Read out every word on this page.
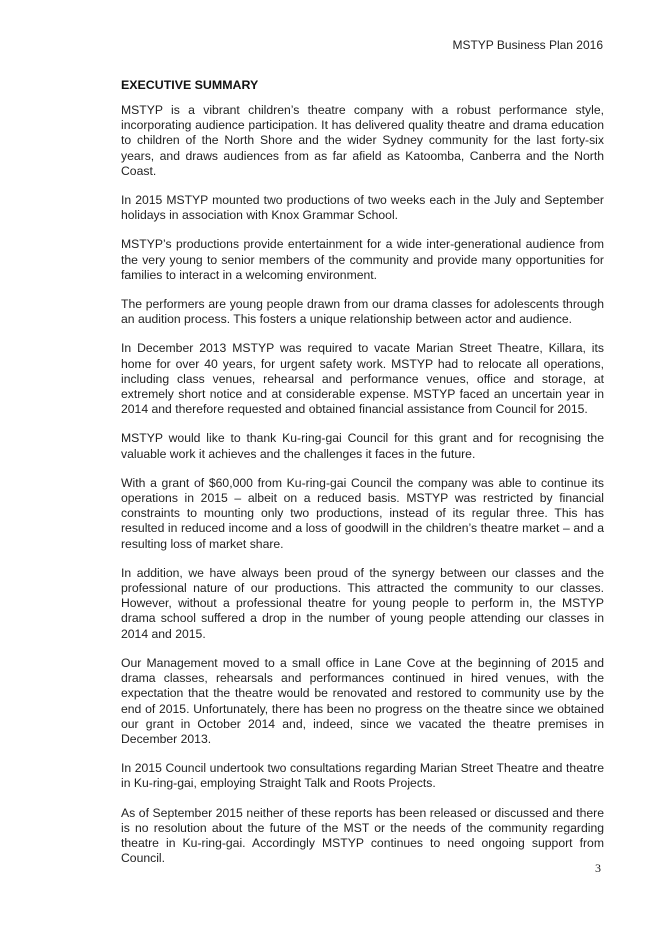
MSTYP Business Plan 2016
EXECUTIVE SUMMARY

MSTYP is a vibrant children’s theatre company with a robust performance style, incorporating audience participation. It has delivered quality theatre and drama education to children of the North Shore and the wider Sydney community for the last forty-six years, and draws audiences from as far afield as Katoomba, Canberra and the North Coast.

In 2015 MSTYP mounted two productions of two weeks each in the July and September holidays in association with Knox Grammar School.

MSTYP’s productions provide entertainment for a wide inter-generational audience from the very young to senior members of the community and provide many opportunities for families to interact in a welcoming environment.

The performers are young people drawn from our drama classes for adolescents through an audition process. This fosters a unique relationship between actor and audience.

In December 2013 MSTYP was required to vacate Marian Street Theatre, Killara, its home for over 40 years, for urgent safety work. MSTYP had to relocate all operations, including class venues, rehearsal and performance venues, office and storage, at extremely short notice and at considerable expense. MSTYP faced an uncertain year in 2014 and therefore requested and obtained financial assistance from Council for 2015.

MSTYP would like to thank Ku-ring-gai Council for this grant and for recognising the valuable work it achieves and the challenges it faces in the future.

With a grant of $60,000 from Ku-ring-gai Council the company was able to continue its operations in 2015 – albeit on a reduced basis. MSTYP was restricted by financial constraints to mounting only two productions, instead of its regular three. This has resulted in reduced income and a loss of goodwill in the children’s theatre market – and a resulting loss of market share.

In addition, we have always been proud of the synergy between our classes and the professional nature of our productions. This attracted the community to our classes. However, without a professional theatre for young people to perform in, the MSTYP drama school suffered a drop in the number of young people attending our classes in 2014 and 2015.

Our Management moved to a small office in Lane Cove at the beginning of 2015 and drama classes, rehearsals and performances continued in hired venues, with the expectation that the theatre would be renovated and restored to community use by the end of 2015. Unfortunately, there has been no progress on the theatre since we obtained our grant in October 2014 and, indeed, since we vacated the theatre premises in December 2013.

In 2015 Council undertook two consultations regarding Marian Street Theatre and theatre in Ku-ring-gai, employing Straight Talk and Roots Projects.

As of September 2015 neither of these reports has been released or discussed and there is no resolution about the future of the MST or the needs of the community regarding theatre in Ku-ring-gai. Accordingly MSTYP continues to need ongoing support from Council.

3
